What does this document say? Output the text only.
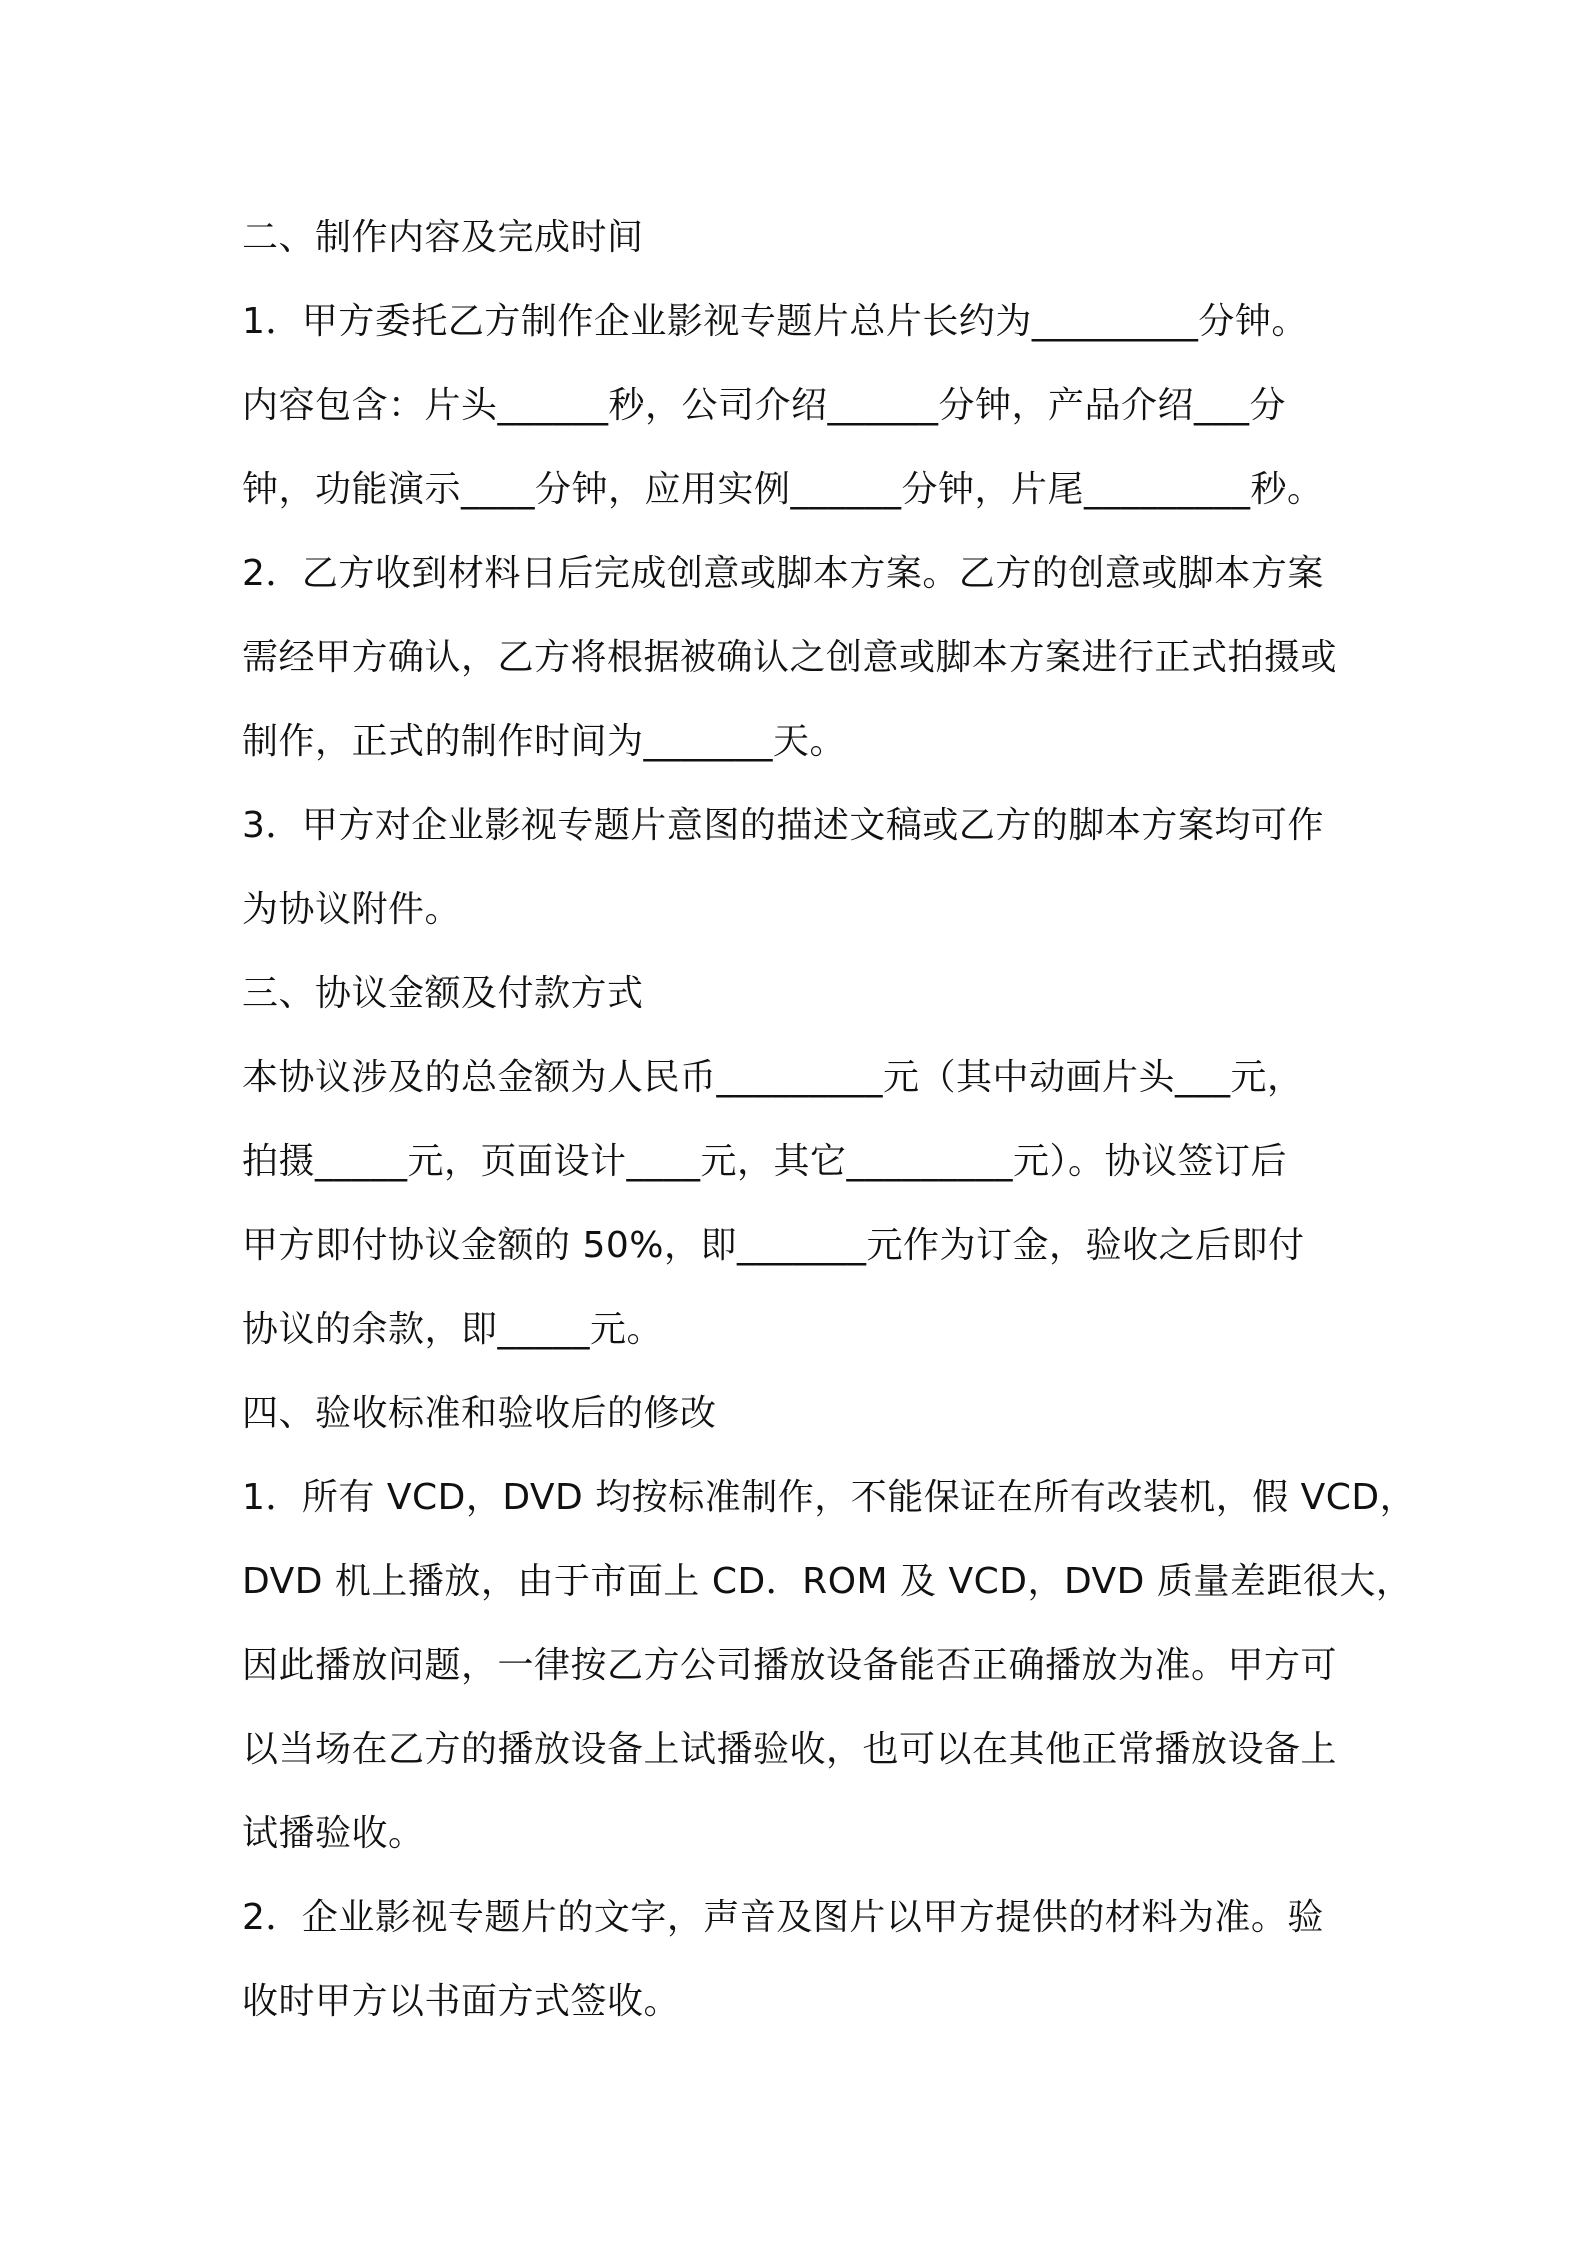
二、制作内容及完成时间
1．甲方委托乙方制作企业影视专题片总片长约为_________分钟。
内容包含：片头______秒，公司介绍______分钟，产品介绍___分
钟，功能演示____分钟，应用实例______分钟，片尾_________秒。
2．乙方收到材料日后完成创意或脚本方案。乙方的创意或脚本方案
需经甲方确认，乙方将根据被确认之创意或脚本方案进行正式拍摄或
制作，正式的制作时间为_______天。
3．甲方对企业影视专题片意图的描述文稿或乙方的脚本方案均可作
为协议附件。
三、协议金额及付款方式
本协议涉及的总金额为人民币_________元（其中动画片头___元，
拍摄_____元，页面设计____元，其它_________元）。协议签订后
甲方即付协议金额的 50%，即_______元作为订金，验收之后即付
协议的余款，即_____元。
四、验收标准和验收后的修改
1．所有 VCD，DVD 均按标准制作，不能保证在所有改装机，假 VCD，
DVD 机上播放，由于市面上 CD．ROM 及 VCD，DVD 质量差距很大，
因此播放问题，一律按乙方公司播放设备能否正确播放为准。甲方可
以当场在乙方的播放设备上试播验收，也可以在其他正常播放设备上
试播验收。
2．企业影视专题片的文字，声音及图片以甲方提供的材料为准。验
收时甲方以书面方式签收。
